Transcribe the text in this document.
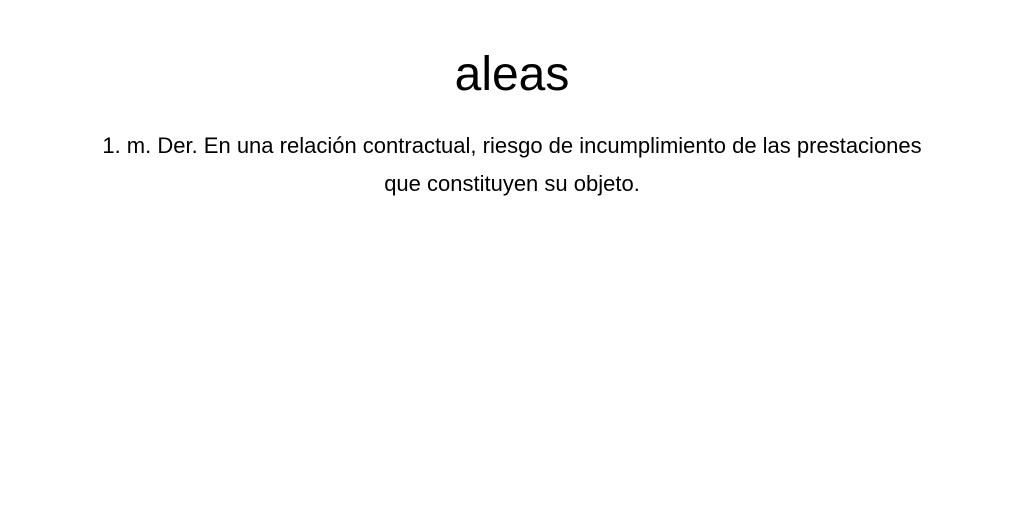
aleas

1. m. Der. En una relación contractual, riesgo de incumplimiento de las prestaciones que constituyen su objeto.
